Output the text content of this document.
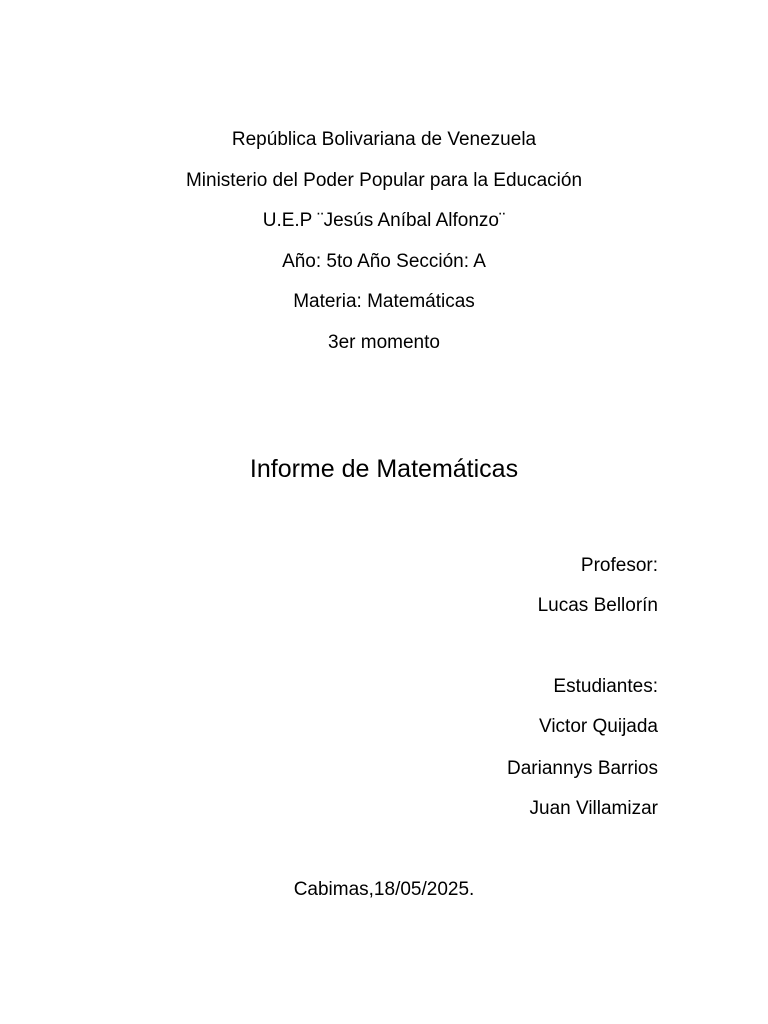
República Bolivariana de Venezuela
Ministerio del Poder Popular para la Educación
U.E.P ¨Jesús Aníbal Alfonzo¨
Año: 5to Año Sección: A
Materia: Matemáticas
3er momento
Informe de Matemáticas
Profesor:
Lucas Bellorín
Estudiantes:
Victor Quijada
Dariannys Barrios
Juan Villamizar
Cabimas,18/05/2025.
